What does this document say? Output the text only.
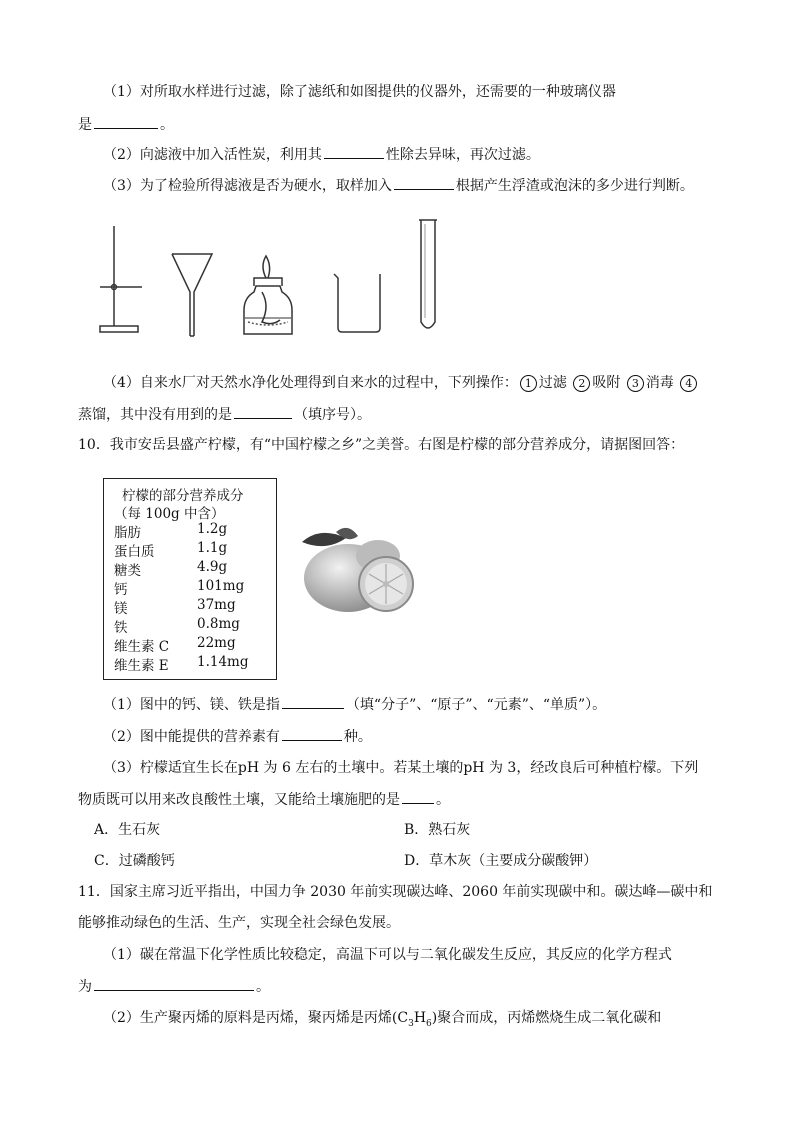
（1）对所取水样进行过滤，除了滤纸和如图提供的仪器外，还需要的一种玻璃仪器
是	。
（2）向滤液中加入活性炭，利用其	性除去异味，再次过滤。
（3）为了检验所得滤液是否为硬水，取样加入	根据产生浮渣或泡沫的多少进行判断。
（4）自来水厂对天然水净化处理得到自来水的过程中，下列操作： 1 过滤 2 吸附 3 消毒 4
蒸馏，其中没有用到的是	（填序号）。
10．我市安岳县盛产柠檬，有“中国柠檬之乡”之美誉。右图是柠檬的部分营养成分，请据图回答：
柠檬的部分营养成分
（每 100g 中含）
脂肪	1.2g
蛋白质	1.1g
糖类	4.9g
钙	101mg
镁	37mg
铁	0.8mg
维生素 C 22mg
维生素 E 1.14mg
（1）图中的钙、镁、铁是指	（填“分子”、“原子”、“元素”、“单质”）。
（2）图中能提供的营养素有	种。
（3）柠檬适宜生长在pH 为 6 左右的土壤中。若某土壤的pH 为 3，经改良后可种植柠檬。下列
物质既可以用来改良酸性土壤，又能给土壤施肥的是	。
A．生石灰	B．熟石灰
C．过磷酸钙	D．草木灰（主要成分碳酸钾）
11．国家主席习近平指出，中国力争 2030 年前实现碳达峰、2060 年前实现碳中和。碳达峰—碳中和
能够推动绿色的生活、生产，实现全社会绿色发展。
（1）碳在常温下化学性质比较稳定，高温下可以与二氧化碳发生反应，其反应的化学方程式
为	。
（2）生产聚丙烯的原料是丙烯，聚丙烯是丙烯$(C_3H_6)$聚合而成，丙烯燃烧生成二氧化碳和
